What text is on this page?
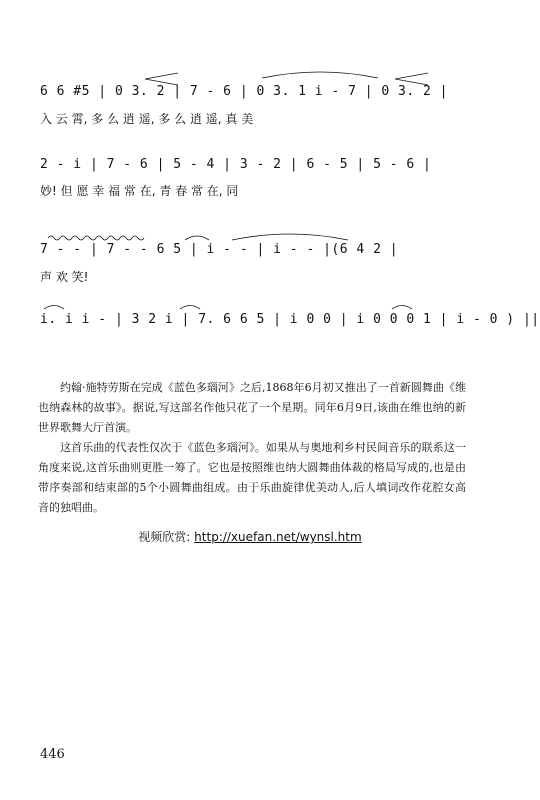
6 6 #5 | 0 3. 2 | 7 - 6 | 0 3. 1 i - 7 | 0 3. 2 |
入 云 霄, 多 么 逍 遥, 多 么 逍 遥, 真 美
2 - i | 7 - 6 | 5 - 4 | 3 - 2 | 6 - 5 | 5 - 6 |
妙! 但 愿 幸 福 常 在, 青 春 常 在, 同
7 - - | 7 - - 6 5 | i - - | i - - |(6 4 2 |
声 欢 笑!
i. i i - | 3 2 i | 7. 6 6 5 | i 0 0 | i 0 0 0 1 | i - 0 ) ||

约翰·施特劳斯在完成《蓝色多瑙河》之后,1868年6月初又推出了一首新圆舞曲《维也纳森林的故事》。据说,写这部名作他只花了一个星期。同年6月9日,该曲在维也纳的新世界歌舞大厅首演。

这首乐曲的代表性仅次于《蓝色多瑙河》。如果从与奥地利乡村民间音乐的联系这一角度来说,这首乐曲则更胜一筹了。它也是按照维也纳大圆舞曲体裁的格局写成的,也是由带序奏部和结束部的5个小圆舞曲组成。由于乐曲旋律优美动人,后人填词改作花腔女高音的独唱曲。

视频欣赏: http://xuefan.net/wynsl.htm
446
